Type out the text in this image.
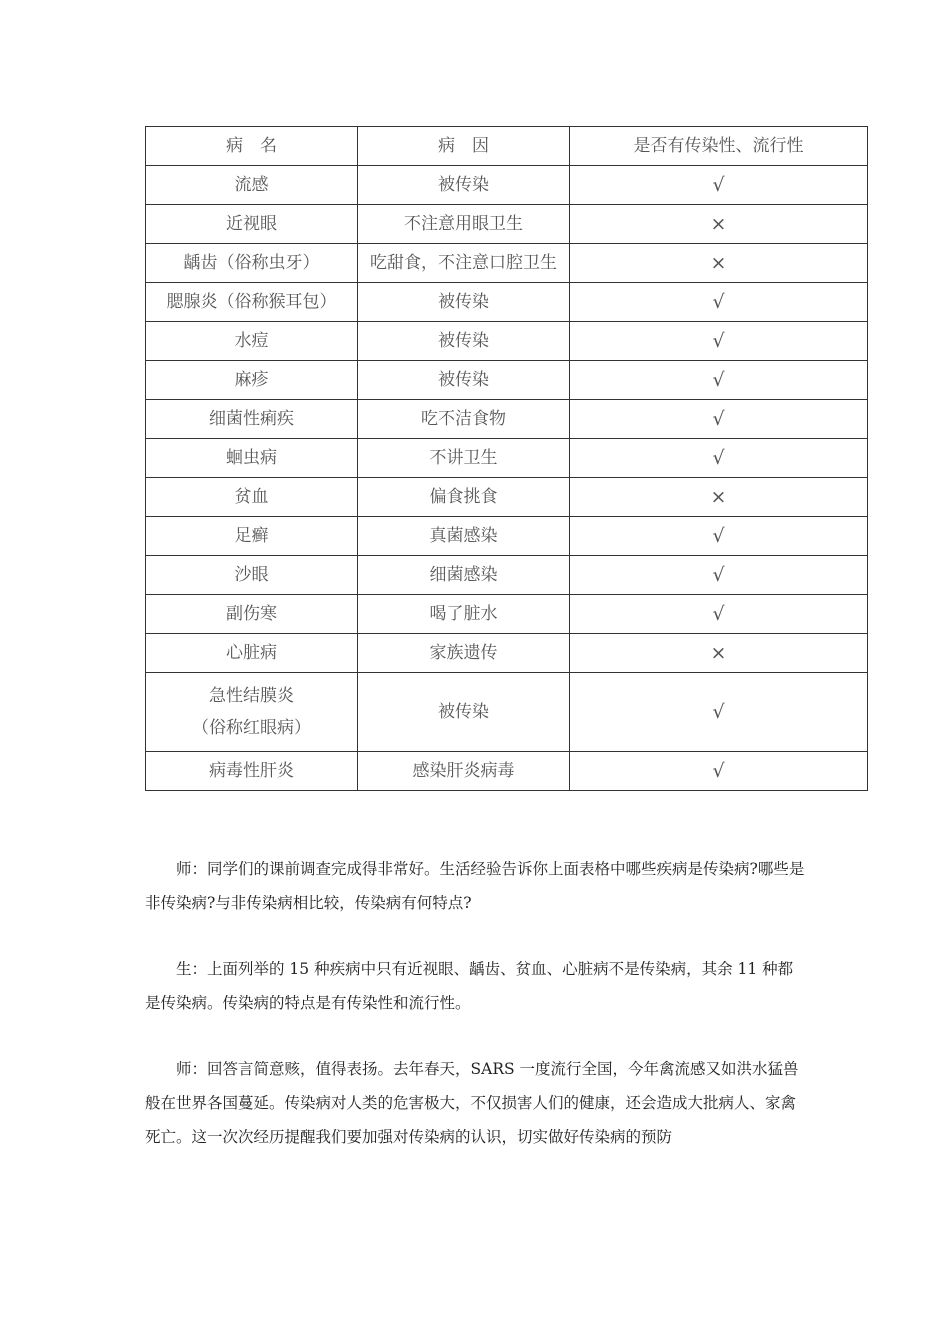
病　名	病　因	是否有传染性、流行性
流感	被传染	√
近视眼	不注意用眼卫生	×
龋齿（俗称虫牙）	吃甜食，不注意口腔卫生	×
腮腺炎（俗称猴耳包）	被传染	√
水痘	被传染	√
麻疹	被传染	√
细菌性痢疾	吃不洁食物	√
蛔虫病	不讲卫生	√
贫血	偏食挑食	×
足癣	真菌感染	√
沙眼	细菌感染	√
副伤寒	喝了脏水	√
心脏病	家族遗传	×

急性结膜炎
（俗称红眼病）	被传染	√
病毒性肝炎	感染肝炎病毒	√

师：同学们的课前调查完成得非常好。生活经验告诉你上面表格中哪些疾病是传染病?哪些是非传染病?与非传染病相比较，传染病有何特点?

生：上面列举的 15 种疾病中只有近视眼、龋齿、贫血、心脏病不是传染病，其余 11 种都是传染病。传染病的特点是有传染性和流行性。

师：回答言简意赅，值得表扬。去年春天，SARS 一度流行全国，今年禽流感又如洪水猛兽般在世界各国蔓延。传染病对人类的危害极大，不仅损害人们的健康，还会造成大批病人、家禽死亡。这一次次经历提醒我们要加强对传染病的认识，切实做好传染病的预防
